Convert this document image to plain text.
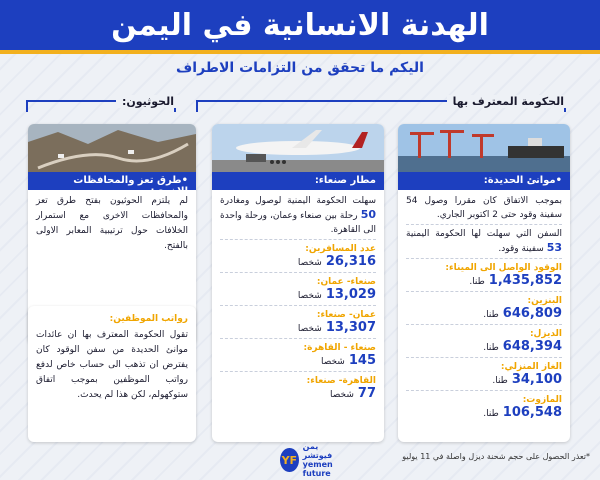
الهدنة الانسانية في اليمن
اليكم ما تحقق من التزامات الاطراف
الحكومة المعترف بها
الحوثيون:
•موانئ الحديدة:
بموجب الاتفاق كان مقررا وصول 54 سفينة وقود حتى 2 اكتوبر الجاري.
السفن التي سهلت لها الحكومة اليمنية 53 سفينة وقود.
الوقود الواصل الى الميناء:
1,435,852
طنا.
البنزين:
646,809
طنا.
الديزل:
648,394
طنا.
الغاز المنزلي:
34,100
طنا.
المازوت:
106,548
طنا.
مطار صنعاء:
سهلت الحكومة اليمنية لوصول ومغادرة 50 رحلة بين صنعاء وعمان، ورحلة واحدة الى القاهرة.
عدد المسافرين:
26,316
شخصا
صنعاء- عمان:
13,029
شخصا
عمان- صنعاء:
13,307
شخصا
صنعاء - القاهرة:
145
شخصا
القاهرة- صنعاء:
77
شخصا
•طرق تعز والمحافظات الاخرى:
لم يلتزم الحوثيون بفتح طرق تعز والمحافظات الاخرى مع استمرار الخلافات حول ترتيبية المعابر الاولى بالفتح.
رواتب الموظفين:
تقول الحكومة المعترف بها ان عائدات موانئ الحديدة من سفن الوقود كان يفترض ان تذهب الى حساب خاص لدفع رواتب الموظفين بموجب اتفاق ستوكهولم، لكن هذا لم يحدث.
*تعذر الحصول على حجم شحنة ديزل واصلة في 11 يوليو
YF
يمن فيوتشر
yemen future
